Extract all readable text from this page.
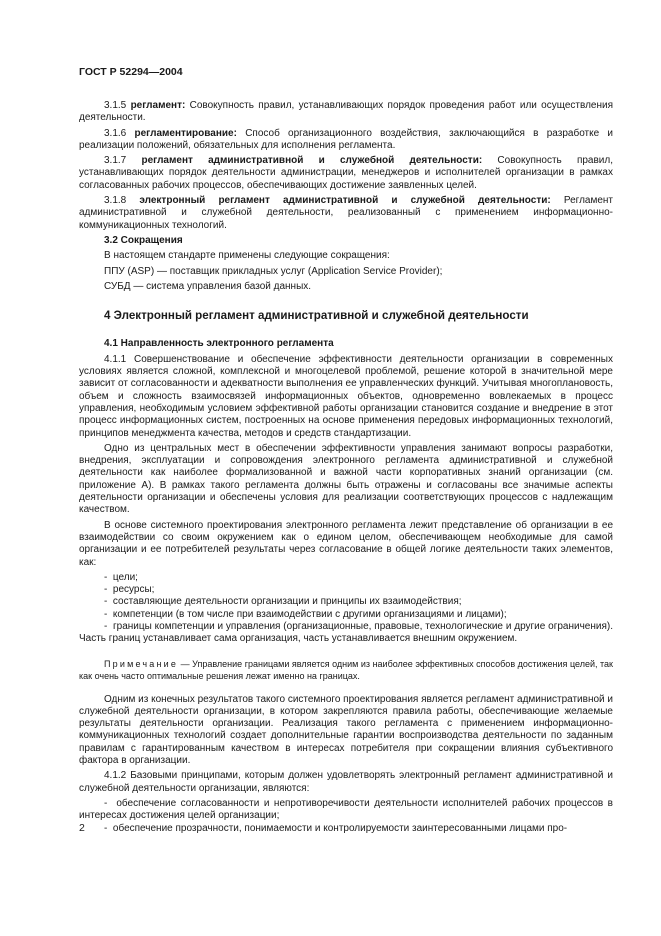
ГОСТ Р 52294—2004

3.1.5 регламент: Совокупность правил, устанавливающих порядок проведения работ или осуществления деятельности.

3.1.6 регламентирование: Способ организационного воздействия, заключающийся в разработке и реализации положений, обязательных для исполнения регламента.

3.1.7 регламент административной и служебной деятельности: Совокупность правил, устанавливающих порядок деятельности администрации, менеджеров и исполнителей организации в рамках согласованных рабочих процессов, обеспечивающих достижение заявленных целей.

3.1.8 электронный регламент административной и служебной деятельности: Регламент административной и служебной деятельности, реализованный с применением информационно-коммуникационных технологий.

3.2 Сокращения

В настоящем стандарте применены следующие сокращения:

ППУ (ASP) — поставщик прикладных услуг (Application Service Provider);

СУБД — система управления базой данных.

4 Электронный регламент административной и служебной деятельности

4.1 Направленность электронного регламента

4.1.1 Совершенствование и обеспечение эффективности деятельности организации в современных условиях является сложной, комплексной и многоцелевой проблемой, решение которой в значительной мере зависит от согласованности и адекватности выполнения ее управленческих функций. Учитывая многоплановость, объем и сложность взаимосвязей информационных объектов, одновременно вовлекаемых в процесс управления, необходимым условием эффективной работы организации становится создание и внедрение в этот процесс информационных систем, построенных на основе применения передовых информационных технологий, принципов менеджмента качества, методов и средств стандартизации.

Одно из центральных мест в обеспечении эффективности управления занимают вопросы разработки, внедрения, эксплуатации и сопровождения электронного регламента административной и служебной деятельности как наиболее формализованной и важной части корпоративных знаний организации (см. приложение А). В рамках такого регламента должны быть отражены и согласованы все значимые аспекты деятельности организации и обеспечены условия для реализации соответствующих процессов с надлежащим качеством.

В основе системного проектирования электронного регламента лежит представление об организации в ее взаимодействии со своим окружением как о едином целом, обеспечивающем необходимые для самой организации и ее потребителей результаты через согласование в общей логике деятельности таких элементов, как:

-  цели;
-  ресурсы;
-  составляющие деятельности организации и принципы их взаимодействия;
-  компетенции (в том числе при взаимодействии с другими организациями и лицами);
-  границы компетенции и управления (организационные, правовые, технологические и другие ограничения). Часть границ устанавливает сама организация, часть устанавливается внешним окружением.

Примечание — Управление границами является одним из наиболее эффективных способов достижения целей, так как очень часто оптимальные решения лежат именно на границах.

Одним из конечных результатов такого системного проектирования является регламент административной и служебной деятельности организации, в котором закрепляются правила работы, обеспечивающие желаемые результаты деятельности организации. Реализация такого регламента с применением информационно-коммуникационных технологий создает дополнительные гарантии воспроизводства деятельности по заданным правилам с гарантированным качеством в интересах потребителя при сокращении влияния субъективного фактора в организации.

4.1.2 Базовыми принципами, которым должен удовлетворять электронный регламент административной и служебной деятельности организации, являются:

-  обеспечение согласованности и непротиворечивости деятельности исполнителей рабочих процессов в интересах достижения целей организации;
-  обеспечение прозрачности, понимаемости и контролируемости заинтересованными лицами про-
2
